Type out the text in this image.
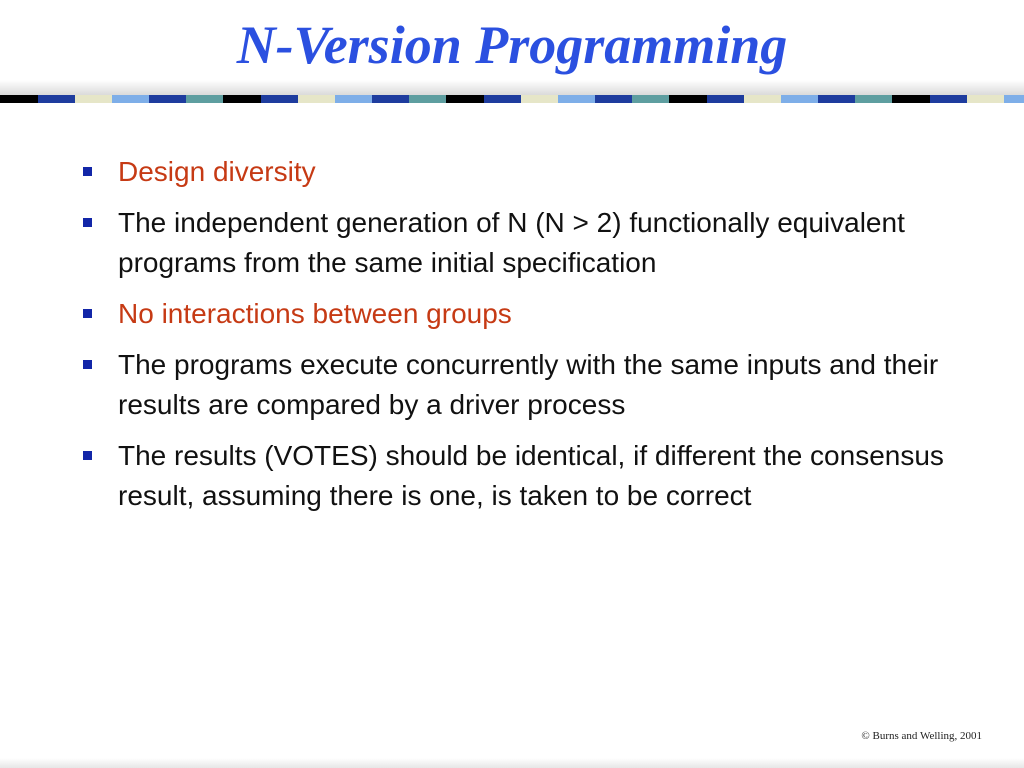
N-Version Programming
Design diversity
The independent generation of N (N > 2) functionally equivalent programs from the same initial specification
No interactions between groups
The programs execute concurrently with the same inputs and their results are compared by a driver process
The results (VOTES) should be identical, if different the consensus result, assuming there is one, is taken to be correct
© Burns and Welling, 2001
